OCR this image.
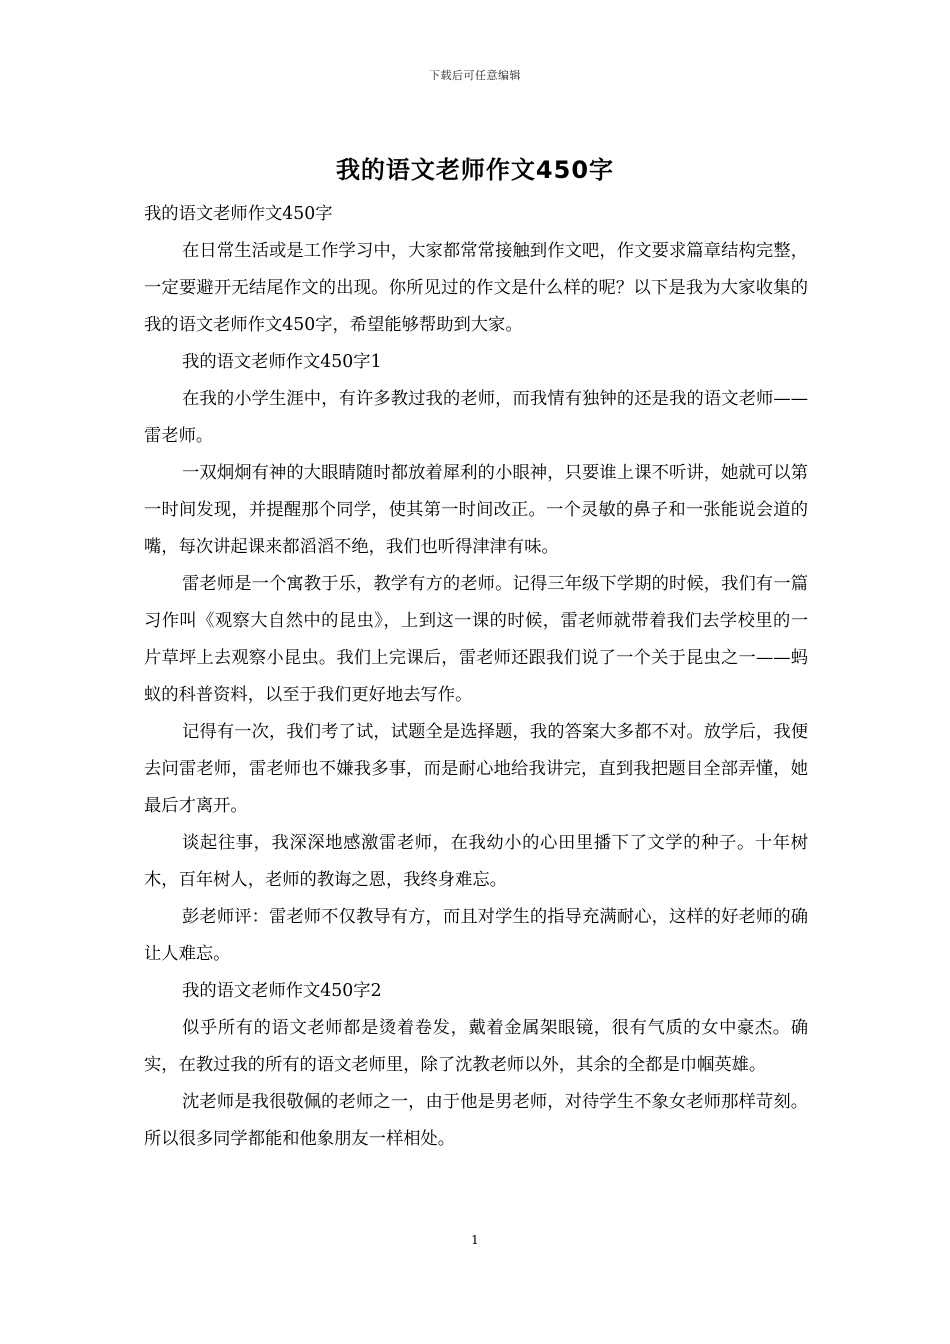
下载后可任意编辑
我的语文老师作文450字

我的语文老师作文450字

在日常生活或是工作学习中，大家都常常接触到作文吧，作文要求篇章结构完整，一定要避开无结尾作文的出现。你所见过的作文是什么样的呢？以下是我为大家收集的我的语文老师作文450字，希望能够帮助到大家。

我的语文老师作文450字1

在我的小学生涯中，有许多教过我的老师，而我情有独钟的还是我的语文老师——雷老师。

一双炯炯有神的大眼睛随时都放着犀利的小眼神，只要谁上课不听讲，她就可以第一时间发现，并提醒那个同学，使其第一时间改正。一个灵敏的鼻子和一张能说会道的嘴，每次讲起课来都滔滔不绝，我们也听得津津有味。

雷老师是一个寓教于乐，教学有方的老师。记得三年级下学期的时候，我们有一篇习作叫《观察大自然中的昆虫》，上到这一课的时候，雷老师就带着我们去学校里的一片草坪上去观察小昆虫。我们上完课后，雷老师还跟我们说了一个关于昆虫之一——蚂蚁的科普资料，以至于我们更好地去写作。

记得有一次，我们考了试，试题全是选择题，我的答案大多都不对。放学后，我便去问雷老师，雷老师也不嫌我多事，而是耐心地给我讲完，直到我把题目全部弄懂，她最后才离开。

谈起往事，我深深地感激雷老师，在我幼小的心田里播下了文学的种子。十年树木，百年树人，老师的教诲之恩，我终身难忘。

彭老师评：雷老师不仅教导有方，而且对学生的指导充满耐心，这样的好老师的确让人难忘。

我的语文老师作文450字2

似乎所有的语文老师都是烫着卷发，戴着金属架眼镜，很有气质的女中豪杰。确实，在教过我的所有的语文老师里，除了沈教老师以外，其余的全都是巾帼英雄。

沈老师是我很敬佩的老师之一，由于他是男老师，对待学生不象女老师那样苛刻。所以很多同学都能和他象朋友一样相处。

1
